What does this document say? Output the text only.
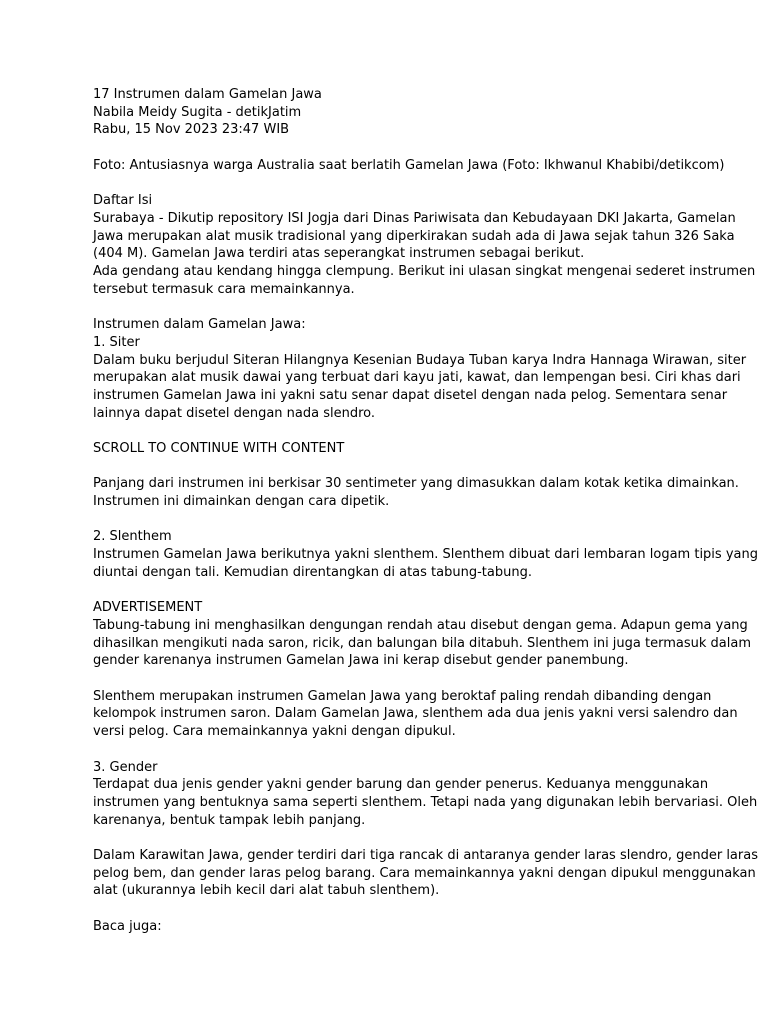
17 Instrumen dalam Gamelan Jawa
Nabila Meidy Sugita - detikJatim
Rabu, 15 Nov 2023 23:47 WIB
Foto: Antusiasnya warga Australia saat berlatih Gamelan Jawa (Foto: Ikhwanul Khabibi/detikcom)
Daftar Isi
Surabaya - Dikutip repository ISI Jogja dari Dinas Pariwisata dan Kebudayaan DKI Jakarta, Gamelan
Jawa merupakan alat musik tradisional yang diperkirakan sudah ada di Jawa sejak tahun 326 Saka
(404 M). Gamelan Jawa terdiri atas seperangkat instrumen sebagai berikut.
Ada gendang atau kendang hingga clempung. Berikut ini ulasan singkat mengenai sederet instrumen
tersebut termasuk cara memainkannya.
Instrumen dalam Gamelan Jawa:
1. Siter
Dalam buku berjudul Siteran Hilangnya Kesenian Budaya Tuban karya Indra Hannaga Wirawan, siter
merupakan alat musik dawai yang terbuat dari kayu jati, kawat, dan lempengan besi. Ciri khas dari
instrumen Gamelan Jawa ini yakni satu senar dapat disetel dengan nada pelog. Sementara senar
lainnya dapat disetel dengan nada slendro.
SCROLL TO CONTINUE WITH CONTENT
Panjang dari instrumen ini berkisar 30 sentimeter yang dimasukkan dalam kotak ketika dimainkan.
Instrumen ini dimainkan dengan cara dipetik.
2. Slenthem
Instrumen Gamelan Jawa berikutnya yakni slenthem. Slenthem dibuat dari lembaran logam tipis yang
diuntai dengan tali. Kemudian direntangkan di atas tabung-tabung.
ADVERTISEMENT
Tabung-tabung ini menghasilkan dengungan rendah atau disebut dengan gema. Adapun gema yang
dihasilkan mengikuti nada saron, ricik, dan balungan bila ditabuh. Slenthem ini juga termasuk dalam
gender karenanya instrumen Gamelan Jawa ini kerap disebut gender panembung.
Slenthem merupakan instrumen Gamelan Jawa yang beroktaf paling rendah dibanding dengan
kelompok instrumen saron. Dalam Gamelan Jawa, slenthem ada dua jenis yakni versi salendro dan
versi pelog. Cara memainkannya yakni dengan dipukul.
3. Gender
Terdapat dua jenis gender yakni gender barung dan gender penerus. Keduanya menggunakan
instrumen yang bentuknya sama seperti slenthem. Tetapi nada yang digunakan lebih bervariasi. Oleh
karenanya, bentuk tampak lebih panjang.
Dalam Karawitan Jawa, gender terdiri dari tiga rancak di antaranya gender laras slendro, gender laras
pelog bem, dan gender laras pelog barang. Cara memainkannya yakni dengan dipukul menggunakan
alat (ukurannya lebih kecil dari alat tabuh slenthem).
Baca juga:
